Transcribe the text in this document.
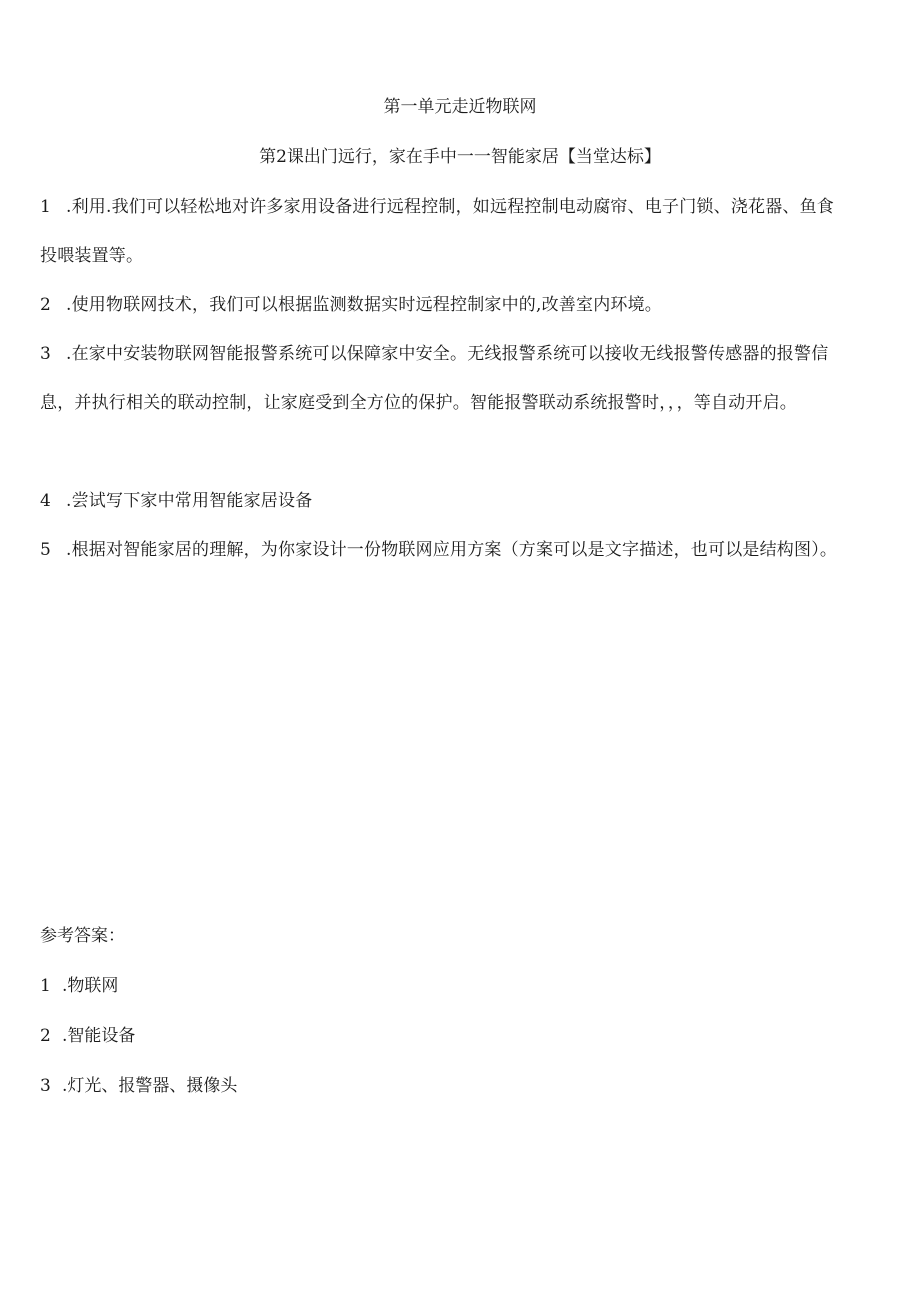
第一单元走近物联网
第2课出门远行，家在手中一一智能家居【当堂达标】
1 .利用.我们可以轻松地对许多家用设备进行远程控制，如远程控制电动腐帘、电子门锁、浇花器、鱼食投喂装置等。
2 .使用物联网技术，我们可以根据监测数据实时远程控制家中的,改善室内环境。
3 .在家中安装物联网智能报警系统可以保障家中安全。无线报警系统可以接收无线报警传感器的报警信息，并执行相关的联动控制，让家庭受到全方位的保护。智能报警联动系统报警时，，，等自动开启。
4 .尝试写下家中常用智能家居设备
5 .根据对智能家居的理解，为你家设计一份物联网应用方案（方案可以是文字描述，也可以是结构图）。
参考答案：
1 .物联网
2 .智能设备
3 .灯光、报警器、摄像头
